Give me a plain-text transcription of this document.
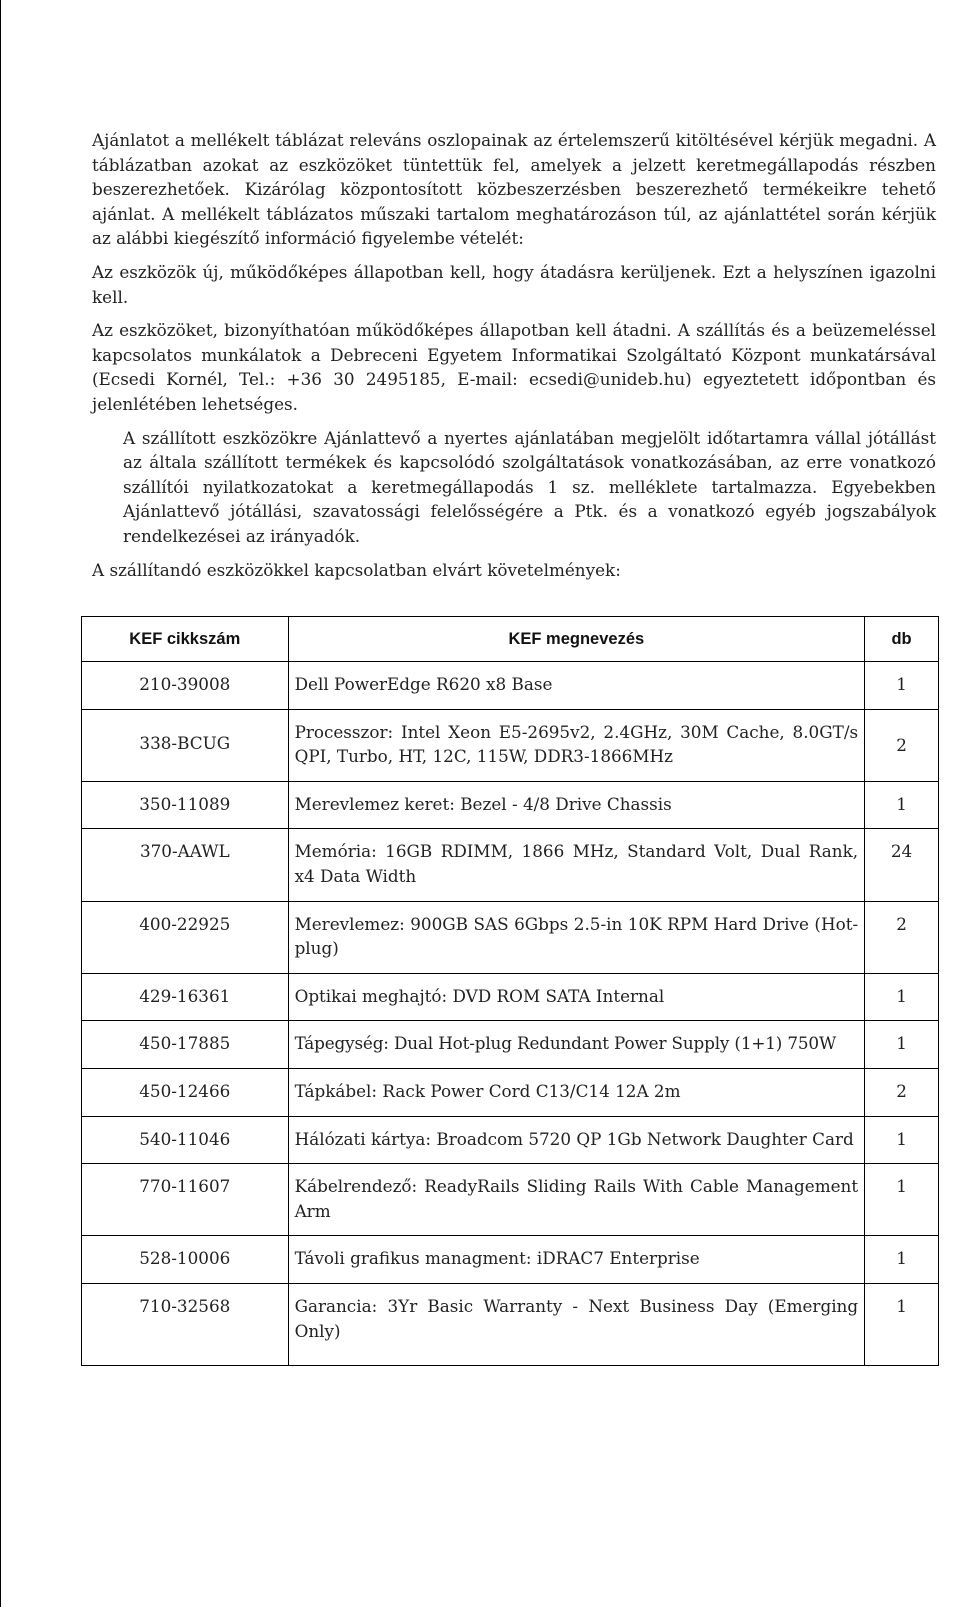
Ajánlatot a mellékelt táblázat releváns oszlopainak az értelemszerű kitöltésével kérjük megadni. A táblázatban azokat az eszközöket tüntettük fel, amelyek a jelzett keretmegállapodás részben beszerezhetőek. Kizárólag központosított közbeszerzésben beszerezhető termékeikre tehető ajánlat. A mellékelt táblázatos műszaki tartalom meghatározáson túl, az ajánlattétel során kérjük az alábbi kiegészítő információ figyelembe vételét:

Az eszközök új, működőképes állapotban kell, hogy átadásra kerüljenek. Ezt a helyszínen igazolni kell.

Az eszközöket, bizonyíthatóan működőképes állapotban kell átadni. A szállítás és a beüzemeléssel kapcsolatos munkálatok a Debreceni Egyetem Informatikai Szolgáltató Központ munkatársával (Ecsedi Kornél, Tel.: +36 30 2495185, E-mail: ecsedi@unideb.hu) egyeztetett időpontban és jelenlétében lehetséges.

A szállított eszközökre Ajánlattevő a nyertes ajánlatában megjelölt időtartamra vállal jótállást az általa szállított termékek és kapcsolódó szolgáltatások vonatkozásában, az erre vonatkozó szállítói nyilatkozatokat a keretmegállapodás 1 sz. melléklete tartalmazza. Egyebekben Ajánlattevő jótállási, szavatossági felelősségére a Ptk. és a vonatkozó egyéb jogszabályok rendelkezései az irányadók.

A szállítandó eszközökkel kapcsolatban elvárt követelmények:

KEF cikkszám	KEF megnevezés	db

210-39008	Dell PowerEdge R620 x8 Base	1

338-BCUG	Processzor: Intel Xeon E5-2695v2, 2.4GHz, 30M Cache, 8.0GT/s QPI, Turbo, HT, 12C, 115W, DDR3-1866MHz	2

350-11089	Merevlemez keret: Bezel - 4/8 Drive Chassis	1

370-AAWL	Memória: 16GB RDIMM, 1866 MHz, Standard Volt, Dual Rank, x4 Data Width	24

400-22925	Merevlemez: 900GB SAS 6Gbps 2.5-in 10K RPM Hard Drive (Hot-plug)	2

429-16361	Optikai meghajtó: DVD ROM SATA Internal	1

450-17885	Tápegység: Dual Hot-plug Redundant Power Supply (1+1) 750W	1

450-12466	Tápkábel: Rack Power Cord C13/C14 12A 2m	2

540-11046	Hálózati kártya: Broadcom 5720 QP 1Gb Network Daughter Card	1

770-11607	Kábelrendező: ReadyRails Sliding Rails With Cable Management Arm	1

528-10006	Távoli grafikus managment: iDRAC7 Enterprise	1

710-32568	Garancia: 3Yr Basic Warranty - Next Business Day (Emerging Only)	1
